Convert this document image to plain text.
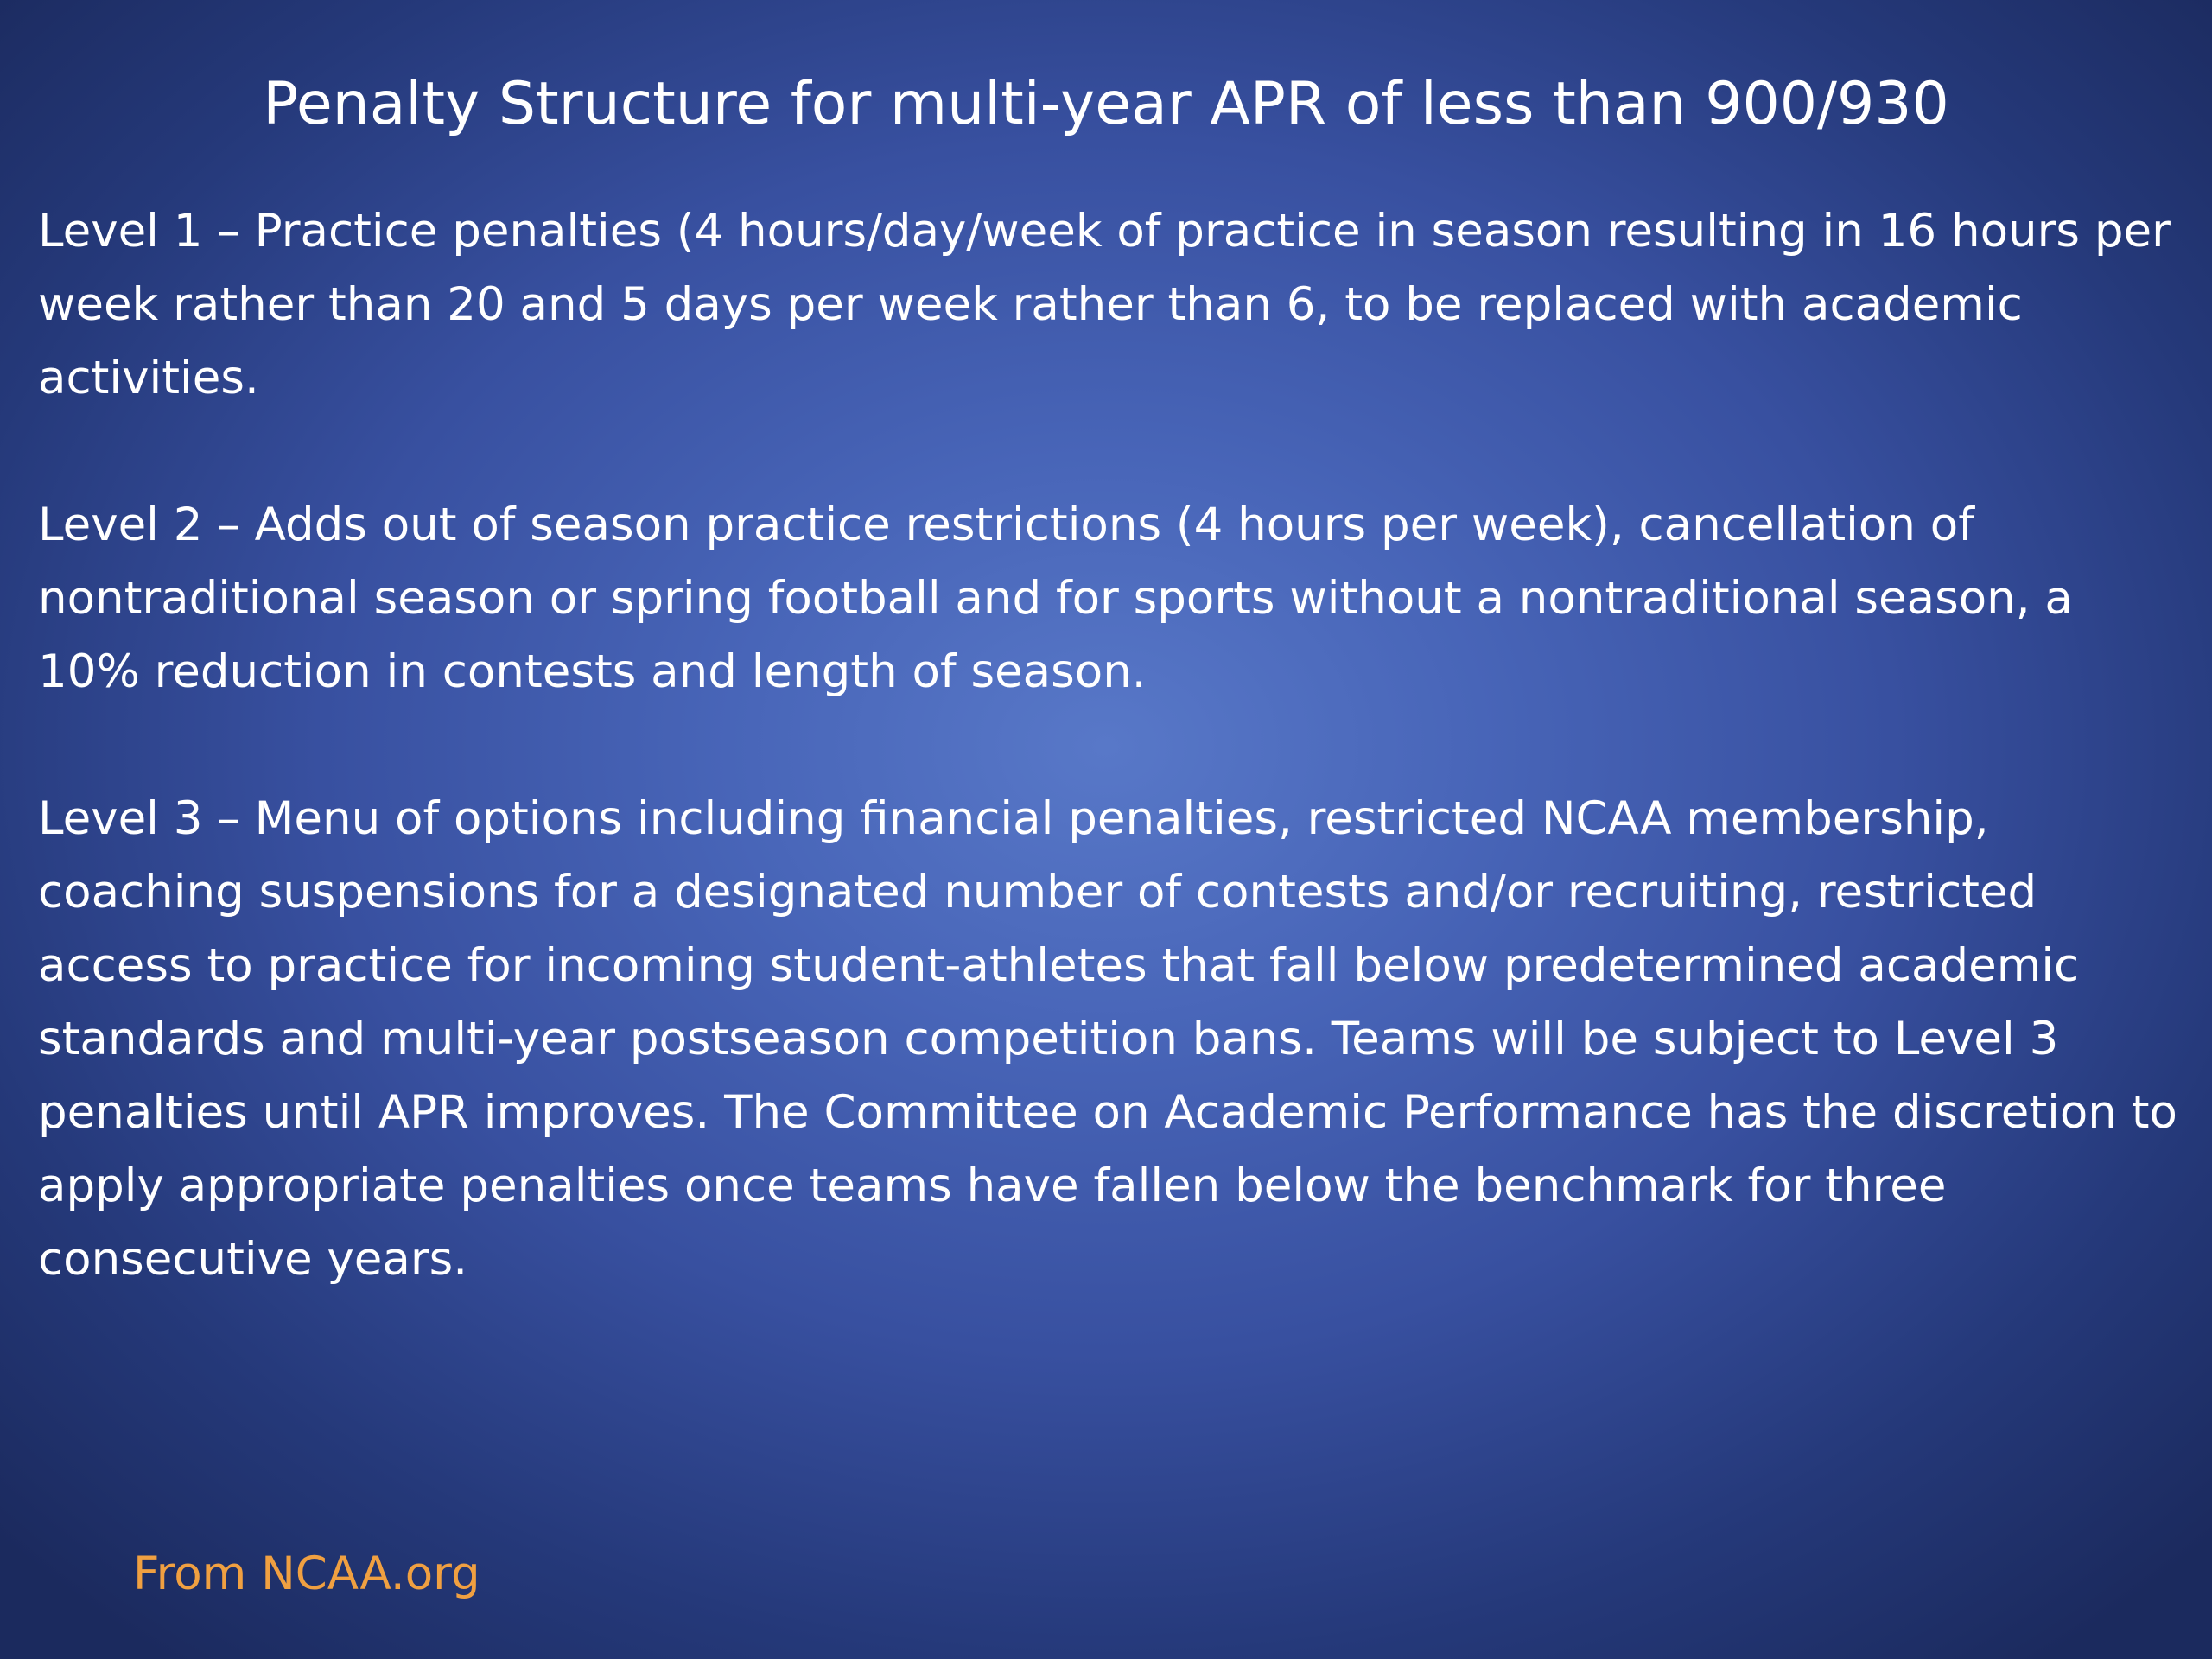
Penalty Structure for multi-year APR of less than 900/930

Level 1 – Practice penalties (4 hours/day/week of practice in season resulting in 16 hours per week rather than 20 and 5 days per week rather than 6, to be replaced with academic activities.

Level 2 – Adds out of season practice restrictions (4 hours per week), cancellation of nontraditional season or spring football and for sports without a nontraditional season, a 10% reduction in contests and length of season.

Level 3 – Menu of options including financial penalties, restricted NCAA membership, coaching suspensions for a designated number of contests and/or recruiting, restricted access to practice for incoming student-athletes that fall below predetermined academic standards and multi-year postseason competition bans. Teams will be subject to Level 3 penalties until APR improves. The Committee on Academic Performance has the discretion to apply appropriate penalties once teams have fallen below the benchmark for three consecutive years.

From NCAA.org
